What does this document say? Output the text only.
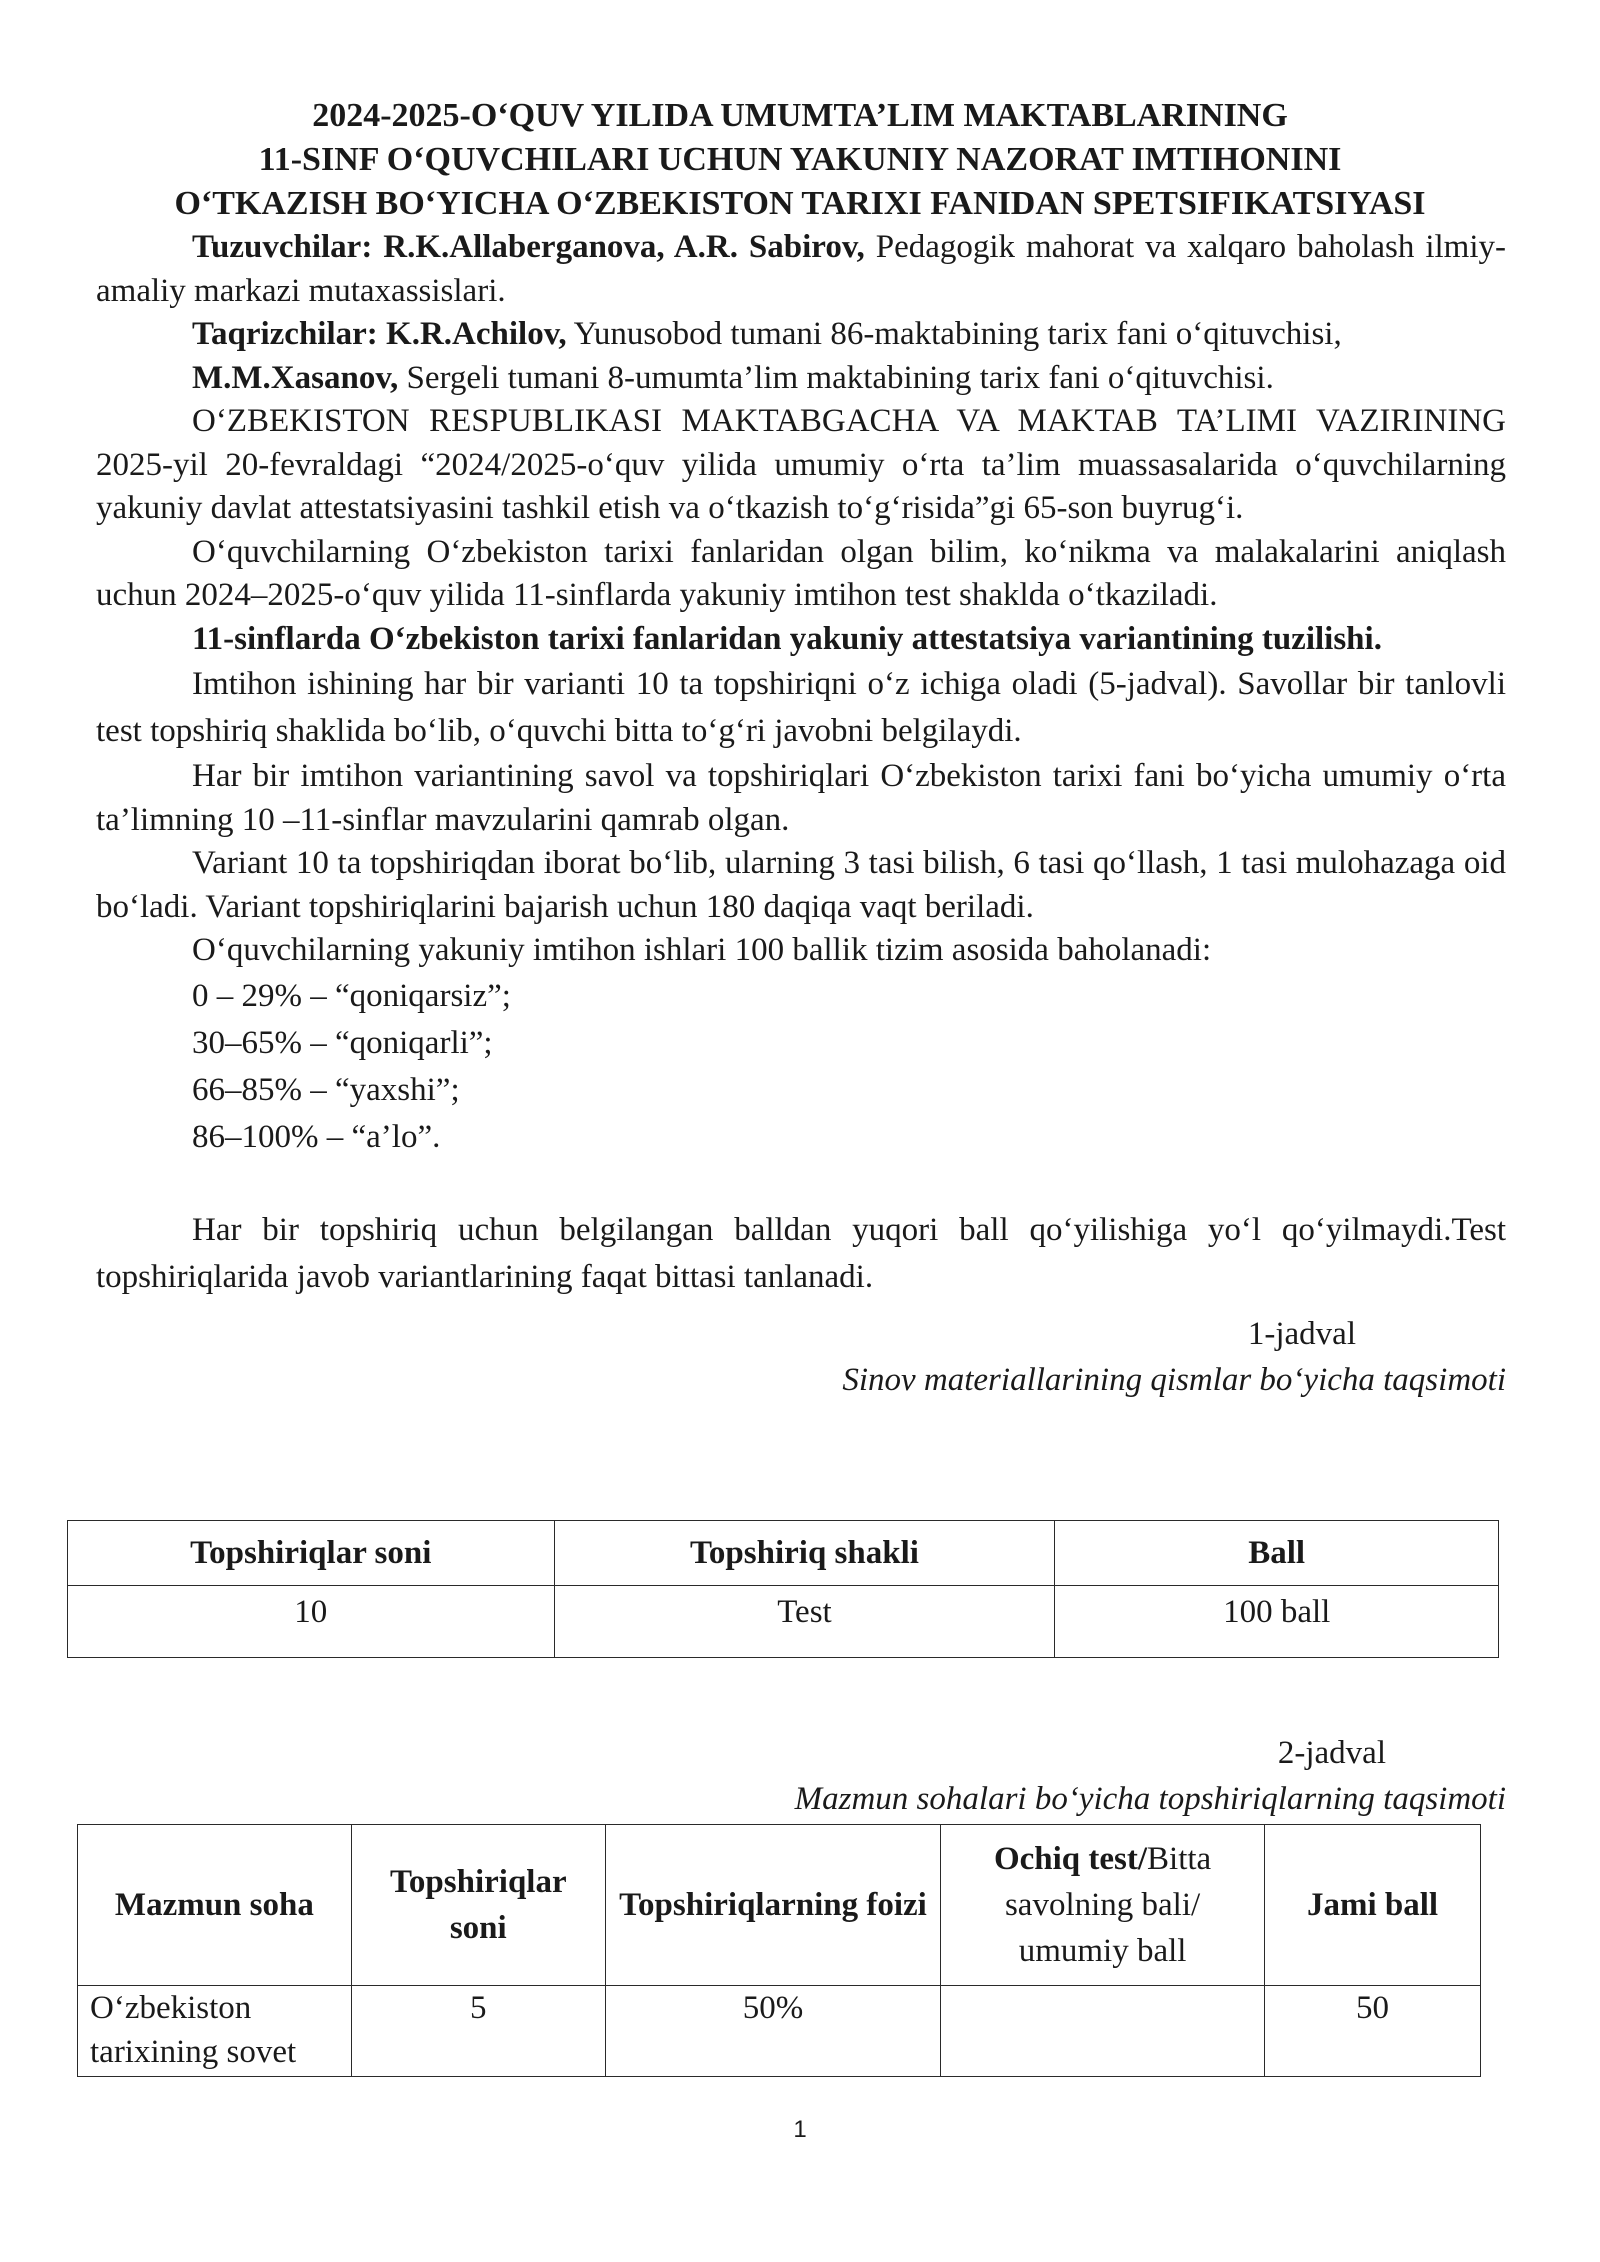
2024-2025-O‘QUV YILIDA UMUMTA’LIM MAKTABLARINING
11-SINF O‘QUVCHILARI UCHUN YAKUNIY NAZORAT IMTIHONINI
O‘TKAZISH BO‘YICHA O‘ZBEKISTON TARIXI FANIDAN SPETSIFIKATSIYASI

Tuzuvchilar: R.K.Allaberganova, A.R. Sabirov, Pedagogik mahorat va xalqaro baholash ilmiy-amaliy markazi mutaxassislari.

Taqrizchilar: K.R.Achilov, Yunusobod tumani 86-maktabining tarix fani o‘qituvchisi,

M.M.Xasanov, Sergeli tumani 8-umumta’lim maktabining tarix fani o‘qituvchisi.

O‘ZBEKISTON RESPUBLIKASI MAKTABGACHA VA MAKTAB TA’LIMI VAZIRINING 2025-yil 20-fevraldagi “2024/2025-o‘quv yilida umumiy o‘rta ta’lim muassasalarida o‘quvchilarning yakuniy davlat attestatsiyasini tashkil etish va o‘tkazish to‘g‘risida”gi 65-son buyrug‘i.

O‘quvchilarning O‘zbekiston tarixi fanlaridan olgan bilim, ko‘nikma va malakalarini aniqlash uchun 2024–2025-o‘quv yilida 11-sinflarda yakuniy imtihon test shaklda o‘tkaziladi.

11-sinflarda O‘zbekiston tarixi fanlaridan yakuniy attestatsiya variantining tuzilishi.

Imtihon ishining har bir varianti 10 ta topshiriqni o‘z ichiga oladi (5-jadval). Savollar bir tanlovli test topshiriq shaklida bo‘lib, o‘quvchi bitta to‘g‘ri javobni belgilaydi.

Har bir imtihon variantining savol va topshiriqlari O‘zbekiston tarixi fani bo‘yicha umumiy o‘rta ta’limning 10 –11-sinflar mavzularini qamrab olgan.

Variant 10 ta topshiriqdan iborat bo‘lib, ularning 3 tasi bilish, 6 tasi qo‘llash, 1 tasi mulohazaga oid bo‘ladi. Variant topshiriqlarini bajarish uchun 180 daqiqa vaqt beriladi.

O‘quvchilarning yakuniy imtihon ishlari 100 ballik tizim asosida baholanadi:

0 – 29% – “qoniqarsiz”;
30–65% – “qoniqarli”;
66–85% – “yaxshi”;
86–100% – “a’lo”.

Har bir topshiriq uchun belgilangan balldan yuqori ball qo‘yilishiga yo‘l qo‘yilmaydi.Test topshiriqlarida javob variantlarining faqat bittasi tanlanadi.

1-jadval
Sinov materiallarining qismlar bo‘yicha taqsimoti
Topshiriqlar soni	Topshiriq shakli	Ball
10	Test	100 ball
2-jadval
Mazmun sohalari bo‘yicha topshiriqlarning taqsimoti
Mazmun soha	Topshiriqlar soni	Topshiriqlarning foizi	Ochiq test/Bitta savolning bali/ umumiy ball	Jami ball
O‘zbekiston tarixining sovet	5	50%		50
1
